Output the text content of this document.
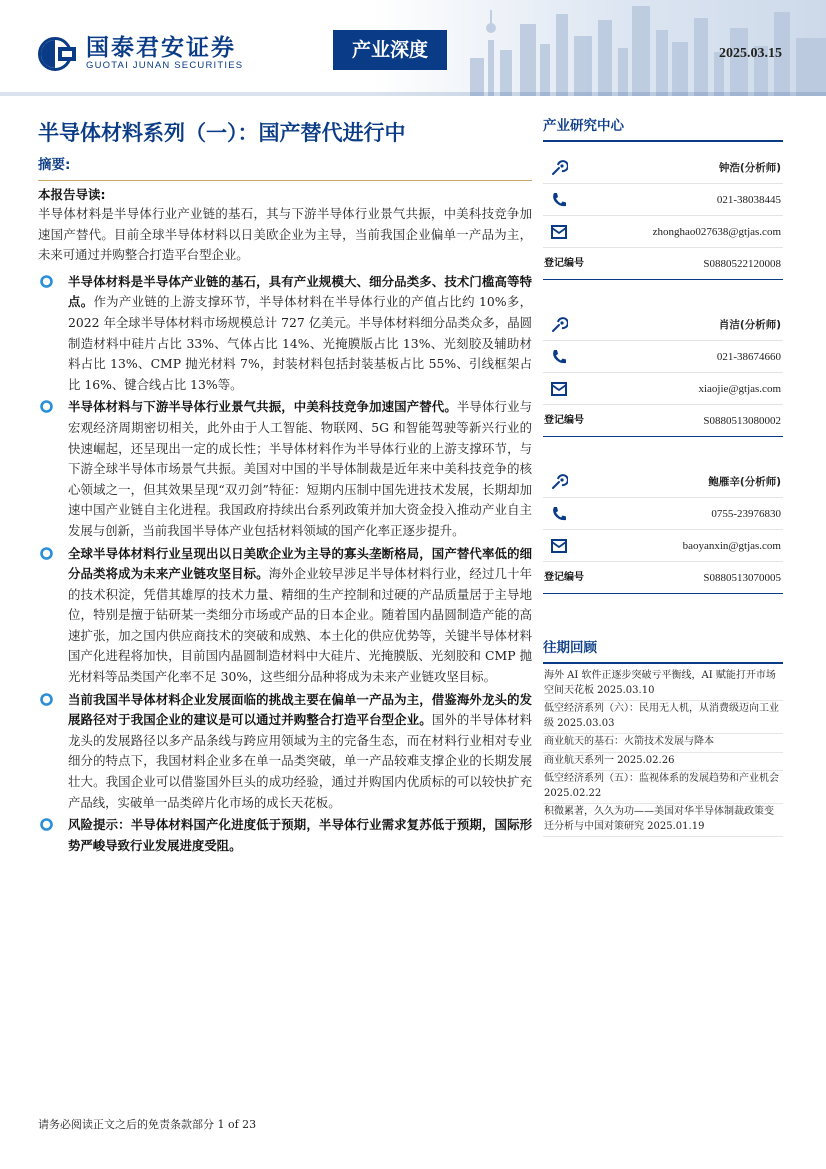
国泰君安证券
GUOTAI JUNAN SECURITIES
产业深度	2025.03.15
半导体材料系列（一）：国产替代进行中
摘要:
本报告导读:
半导体材料是半导体行业产业链的基石，其与下游半导体行业景气共振，中美科技竞争加速国产替代。目前全球半导体材料以日美欧企业为主导，当前我国企业偏单一产品为主，未来可通过并购整合打造平台型企业。
半导体材料是半导体产业链的基石，具有产业规模大、细分品类多、技术门槛高等特点。作为产业链的上游支撑环节，半导体材料在半导体行业的产值占比约 10%多，2022 年全球半导体材料市场规模总计 727 亿美元。半导体材料细分品类众多，晶圆制造材料中硅片占比 33%、气体占比 14%、光掩膜版占比 13%、光刻胶及辅助材料占比 13%、CMP 抛光材料 7%，封装材料包括封装基板占比 55%、引线框架占比 16%、键合线占比 13%等。
半导体材料与下游半导体行业景气共振，中美科技竞争加速国产替代。半导体行业与宏观经济周期密切相关，此外由于人工智能、物联网、5G 和智能驾驶等新兴行业的快速崛起，还呈现出一定的成长性；半导体材料作为半导体行业的上游支撑环节，与下游全球半导体市场景气共振。美国对中国的半导体制裁是近年来中美科技竞争的核心领域之一，但其效果呈现“双刃剑”特征：短期内压制中国先进技术发展，长期却加速中国产业链自主化进程。我国政府持续出台系列政策并加大资金投入推动产业自主发展与创新，当前我国半导体产业包括材料领域的国产化率正逐步提升。
全球半导体材料行业呈现出以日美欧企业为主导的寡头垄断格局，国产替代率低的细分品类将成为未来产业链攻坚目标。海外企业较早涉足半导体材料行业，经过几十年的技术积淀，凭借其雄厚的技术力量、精细的生产控制和过硬的产品质量居于主导地位，特别是擅于钻研某一类细分市场或产品的日本企业。随着国内晶圆制造产能的高速扩张，加之国内供应商技术的突破和成熟、本土化的供应优势等，关键半导体材料国产化进程将加快，目前国内晶圆制造材料中大硅片、光掩膜版、光刻胶和 CMP 抛光材料等品类国产化率不足 30%，这些细分品种将成为未来产业链攻坚目标。
当前我国半导体材料企业发展面临的挑战主要在偏单一产品为主，借鉴海外龙头的发展路径对于我国企业的建议是可以通过并购整合打造平台型企业。国外的半导体材料龙头的发展路径以多产品条线与跨应用领域为主的完备生态，而在材料行业相对专业细分的特点下，我国材料企业多在单一品类突破，单一产品较难支撑企业的长期发展壮大。我国企业可以借鉴国外巨头的成功经验，通过并购国内优质标的可以较快扩充产品线，实破单一品类碎片化市场的成长天花板。
风险提示：半导体材料国产化进度低于预期，半导体行业需求复苏低于预期，国际形势严峻导致行业发展进度受阻。
产业研究中心
钟浩(分析师)
021-38038445
zhonghao027638@gtjas.com
登记编号	S0880522120008
肖洁(分析师)
021-38674660
xiaojie@gtjas.com
登记编号	S0880513080002
鲍雁辛(分析师)
0755-23976830
baoyanxin@gtjas.com
登记编号	S0880513070005
往期回顾
海外 AI 软件正逐步突破亏平衡线，AI 赋能打开市场空间天花板 2025.03.10
低空经济系列（六）：民用无人机，从消费级迈向工业级 2025.03.03
商业航天的基石：火箭技术发展与降本
商业航天系列一 2025.02.26
低空经济系列（五）：监视体系的发展趋势和产业机会 2025.02.22
积微累著，久久为功——美国对华半导体制裁政策变迁分析与中国对策研究 2025.01.19
请务必阅读正文之后的免责条款部分 1 of 23
